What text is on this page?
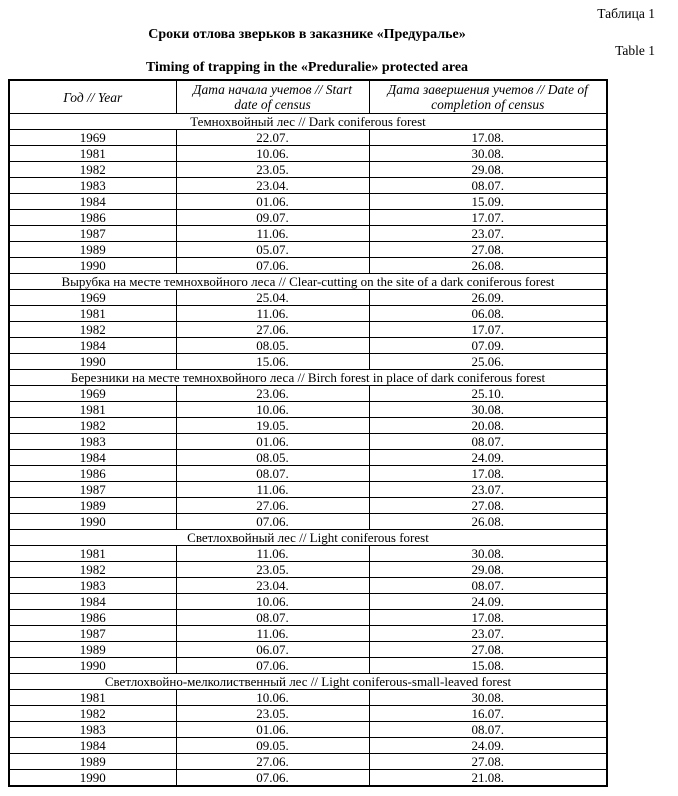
Таблица 1
Сроки отлова зверьков в заказнике «Предуралье»
Table 1
Timing of trapping in the «Preduralie» protected area
Год // Year	Дата начала учетов // Start date of census	Дата завершения учетов // Date of completion of census
Темнохвойный лес // Dark coniferous forest		
1969	22.07.	17.08.
1981	10.06.	30.08.
1982	23.05.	29.08.
1983	23.04.	08.07.
1984	01.06.	15.09.
1986	09.07.	17.07.
1987	11.06.	23.07.
1989	05.07.	27.08.
1990	07.06.	26.08.
Вырубка на месте темнохвойного леса // Clear-cutting on the site of a dark coniferous forest		
1969	25.04.	26.09.
1981	11.06.	06.08.
1982	27.06.	17.07.
1984	08.05.	07.09.
1990	15.06.	25.06.
Березники на месте темнохвойного леса // Birch forest in place of dark coniferous forest		
1969	23.06.	25.10.
1981	10.06.	30.08.
1982	19.05.	20.08.
1983	01.06.	08.07.
1984	08.05.	24.09.
1986	08.07.	17.08.
1987	11.06.	23.07.
1989	27.06.	27.08.
1990	07.06.	26.08.
Светлохвойный лес // Light coniferous forest		
1981	11.06.	30.08.
1982	23.05.	29.08.
1983	23.04.	08.07.
1984	10.06.	24.09.
1986	08.07.	17.08.
1987	11.06.	23.07.
1989	06.07.	27.08.
1990	07.06.	15.08.
Светлохвойно-мелколиственный лес // Light coniferous-small-leaved forest		
1981	10.06.	30.08.
1982	23.05.	16.07.
1983	01.06.	08.07.
1984	09.05.	24.09.
1989	27.06.	27.08.
1990	07.06.	21.08.
